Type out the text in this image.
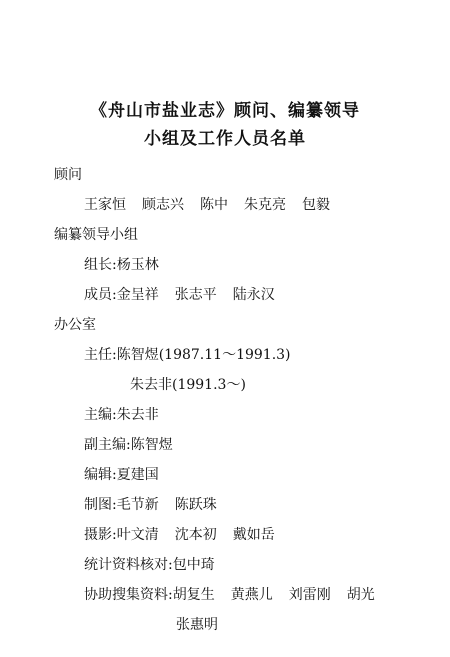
《舟山市盐业志》顾问、编纂领导
小组及工作人员名单
顾问
王家恒 顾志兴 陈中 朱克亮 包毅
编纂领导小组
组长:杨玉林
成员:金呈祥 张志平 陆永汉
办公室
主任:陈智煜(1987.11～1991.3)
朱去非(1991.3～)
主编:朱去非
副主编:陈智煜
编辑:夏建国
制图:毛节新 陈跃珠
摄影:叶文清 沈本初 戴如岳
统计资料核对:包中琦
协助搜集资料:胡复生 黄燕儿 刘雷刚 胡光
张惠明
